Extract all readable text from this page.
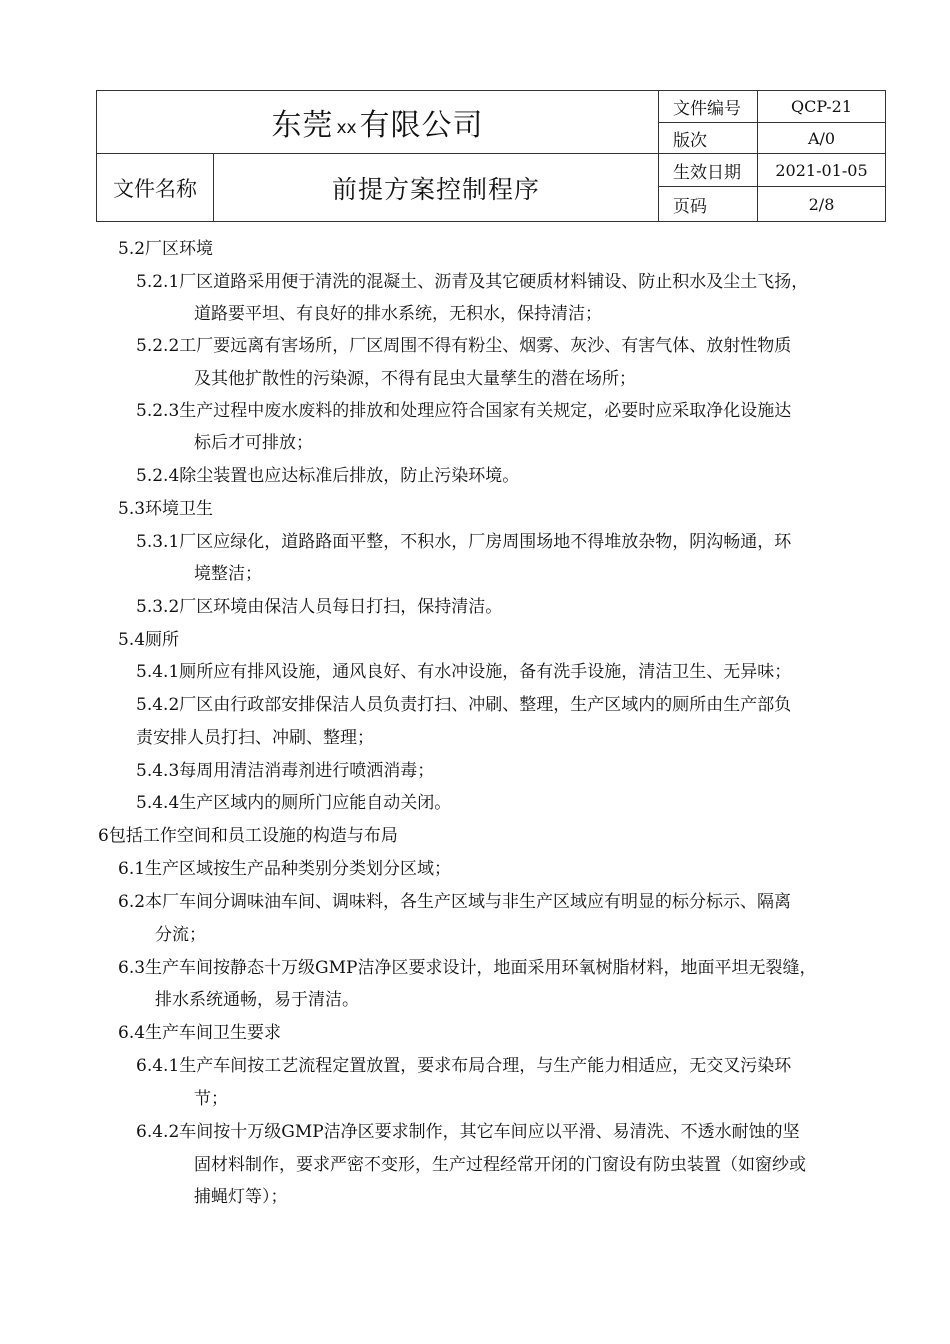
东莞 xx 有限公司		文件编号	QCP-21
		版次	A/0
文件名称	前提方案控制程序	生效日期	2021-01-05
		页码	2/8
5.2厂区环境
5.2.1厂区道路采用便于清洗的混凝土、沥青及其它硬质材料铺设、防止积水及尘土飞扬，
道路要平坦、有良好的排水系统，无积水，保持清洁；
5.2.2工厂要远离有害场所，厂区周围不得有粉尘、烟雾、灰沙、有害气体、放射性物质
及其他扩散性的污染源，不得有昆虫大量孳生的潜在场所；
5.2.3生产过程中废水废料的排放和处理应符合国家有关规定，必要时应采取净化设施达
标后才可排放；
5.2.4除尘装置也应达标准后排放，防止污染环境。
5.3环境卫生
5.3.1厂区应绿化，道路路面平整，不积水，厂房周围场地不得堆放杂物，阴沟畅通，环
境整洁；
5.3.2厂区环境由保洁人员每日打扫，保持清洁。
5.4厕所
5.4.1厕所应有排风设施，通风良好、有水冲设施，备有洗手设施，清洁卫生、无异味；
5.4.2厂区由行政部安排保洁人员负责打扫、冲刷、整理，生产区域内的厕所由生产部负
责安排人员打扫、冲刷、整理；
5.4.3每周用清洁消毒剂进行喷洒消毒；
5.4.4生产区域内的厕所门应能自动关闭。
6包括工作空间和员工设施的构造与布局
6.1生产区域按生产品种类别分类划分区域；
6.2本厂车间分调味油车间、调味料，各生产区域与非生产区域应有明显的标分标示、隔离
分流；
6.3生产车间按静态十万级GMP洁净区要求设计，地面采用环氧树脂材料，地面平坦无裂缝，
排水系统通畅，易于清洁。
6.4生产车间卫生要求
6.4.1生产车间按工艺流程定置放置，要求布局合理，与生产能力相适应，无交叉污染环
节；
6.4.2车间按十万级GMP洁净区要求制作，其它车间应以平滑、易清洗、不透水耐蚀的坚
固材料制作，要求严密不变形，生产过程经常开闭的门窗设有防虫装置（如窗纱或
捕蝇灯等）；
